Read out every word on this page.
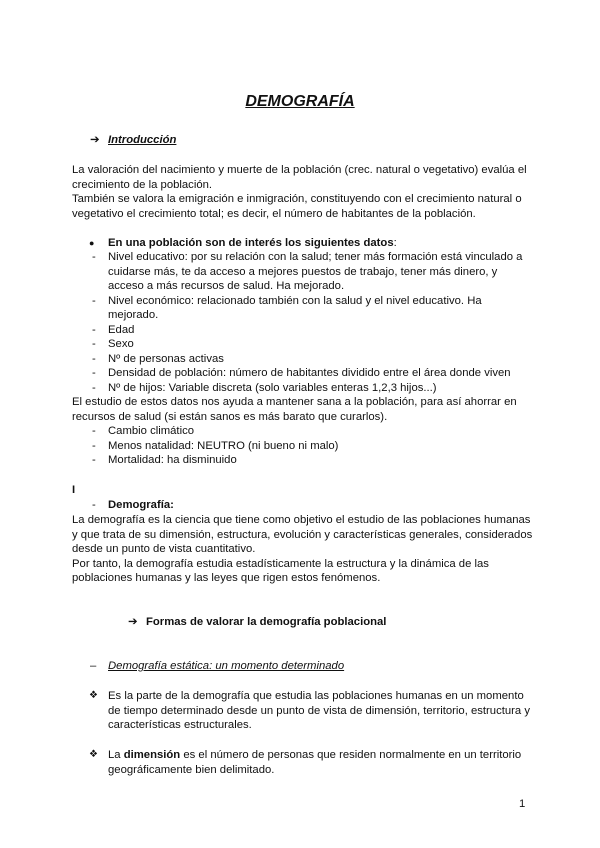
DEMOGRAFÍA
➔ Introducción
La valoración del nacimiento y muerte de la población (crec. natural o vegetativo) evalúa el
crecimiento de la población.
También se valora la emigración e inmigración, constituyendo con el crecimiento natural o
vegetativo el crecimiento total; es decir, el número de habitantes de la población.
● En una población son de interés los siguientes datos:
- Nivel educativo: por su relación con la salud; tener más formación está vinculado a
cuidarse más, te da acceso a mejores puestos de trabajo, tener más dinero, y
acceso a más recursos de salud. Ha mejorado.
- Nivel económico: relacionado también con la salud y el nivel educativo. Ha
mejorado.
- Edad
- Sexo
- Nº de personas activas
- Densidad de población: número de habitantes dividido entre el área donde viven
- Nº de hijos: Variable discreta (solo variables enteras 1,2,3 hijos...)
El estudio de estos datos nos ayuda a mantener sana a la población, para así ahorrar en
recursos de salud (si están sanos es más barato que curarlos).
- Cambio climático
- Menos natalidad: NEUTRO (ni bueno ni malo)
- Mortalidad: ha disminuido
I
- Demografía:
La demografía es la ciencia que tiene como objetivo el estudio de las poblaciones humanas
y que trata de su dimensión, estructura, evolución y características generales, considerados
desde un punto de vista cuantitativo.
Por tanto, la demografía estudia estadísticamente la estructura y la dinámica de las
poblaciones humanas y las leyes que rigen estos fenómenos.
➔ Formas de valorar la demografía poblacional
– Demografía estática: un momento determinado
❖ Es la parte de la demografía que estudia las poblaciones humanas en un momento
de tiempo determinado desde un punto de vista de dimensión, territorio, estructura y
características estructurales.
❖ La dimensión es el número de personas que residen normalmente en un territorio
geográficamente bien delimitado.
1
